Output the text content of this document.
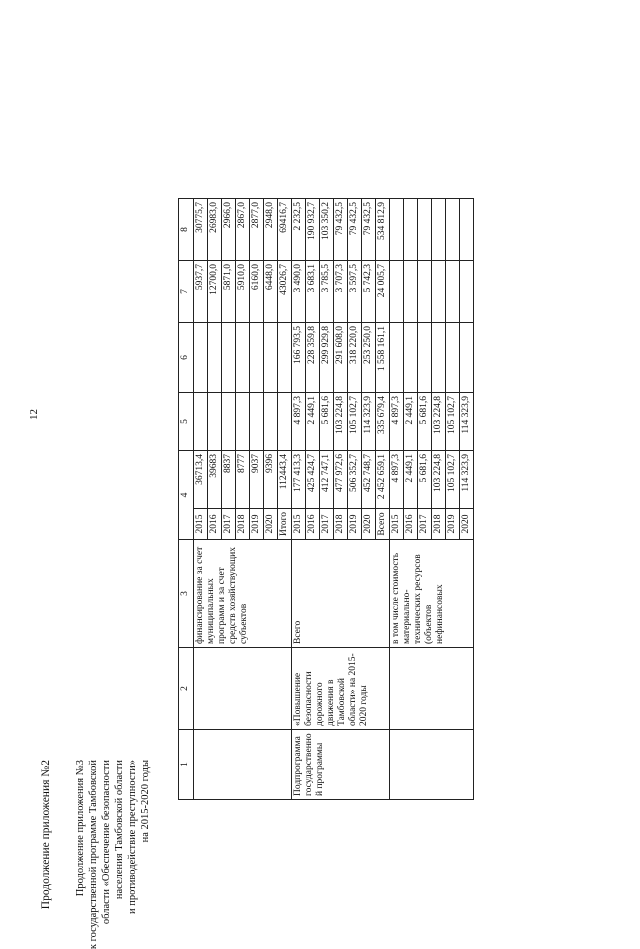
12
Продолжение приложения №2 Продолжение приложения №3 к государственной программе Тамбовской области «Обеспечение безопасности населения Тамбовской области и противодействие преступности» на 2015-2020 годы	1	2	3	4		5	6	7	8
		финансирование за счет муниципальных программ и за счет средств хозяйствующих субъектов	2015	36713,4			5937,7	30775,7
			2016	39683			12700,0	26983,0
			2017	8837			5871,0	2966,0
			2018	8777			5910,0	2867,0
			2019	9037			6160,0	2877,0
			2020	9396			6448,0	2948,0
			Итого	112443,4			43026,7	69416,7
Подпрограмма государственно й программы	«Повышение безопасности дорожного движения в Тамбовской области» на 2015-2020 годы	Всего	2015	177 413,3	4 897,3	166 793,5	3 490,0	2 232,5
			2016	425 424,7	2 449,1	228 359,8	3 683,1	190 932,7
			2017	412 747,1	5 681,6	299 929,8	3 785,5	103 350,2
			2018	477 972,6	103 224,8	291 608,0	3 707,3	79 432,5
			2019	506 352,7	105 102,7	318 220,0	3 597,5	79 432,5
			2020	452 748,7	114 323,9	253 250,0	5 742,3	79 432,5
			Всего	2 452 659,1	335 679,4	1 558 161,1	24 005,7	534 812,9
		в том числе стоимость материально-технических ресурсов (объектов нефинансовых	2015	4 897,3	4 897,3			
			2016	2 449,1	2 449,1			
			2017	5 681,6	5 681,6			
			2018	103 224,8	103 224,8			
			2019	105 102,7	105 102,7			
			2020	114 323,9	114 323,9			
